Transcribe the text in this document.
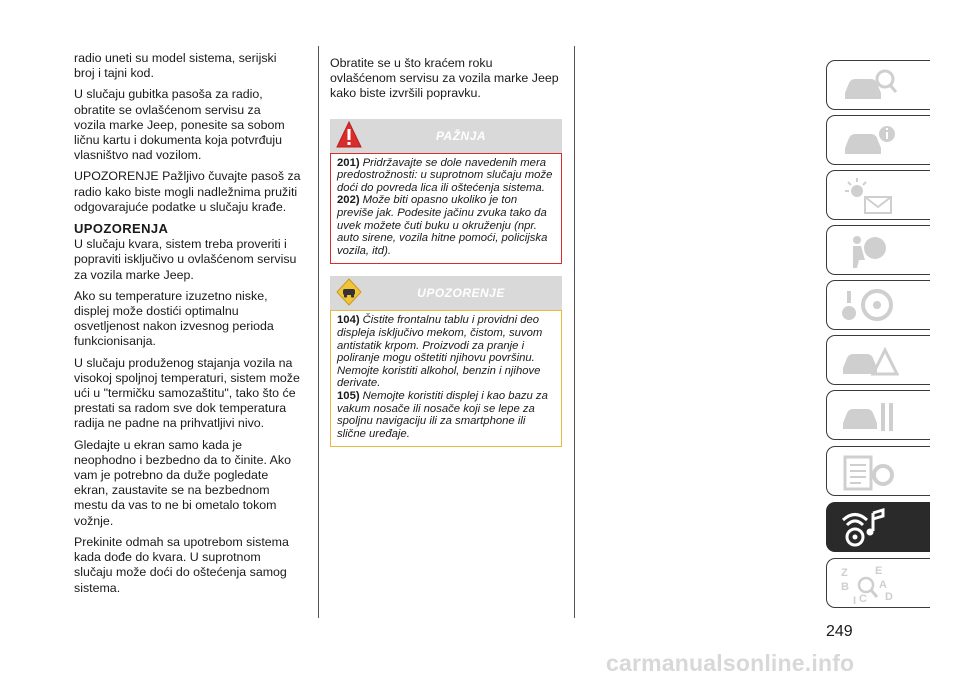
radio uneti su model sistema, serijski
broj i tajni kod.

U slučaju gubitka pasoša za radio,
obratite se ovlašćenom servisu za
vozila marke Jeep, ponesite sa sobom
ličnu kartu i dokumenta koja potvrđuju
vlasništvo nad vozilom.

UPOZORENJE Pažljivo čuvajte pasoš za
radio kako biste mogli nadležnima pružiti
odgovarajuće podatke u slučaju krađe.

UPOZORENJA

U slučaju kvara, sistem treba proveriti i
popraviti isključivo u ovlašćenom servisu
za vozila marke Jeep.

Ako su temperature izuzetno niske,
displej može dostići optimalnu
osvetljenost nakon izvesnog perioda
funkcionisanja.

U slučaju produženog stajanja vozila na
visokoj spoljnoj temperaturi, sistem može
ući u "termičku samozaštitu", tako što će
prestati sa radom sve dok temperatura
radija ne padne na prihvatljivi nivo.

Gledajte u ekran samo kada je
neophodno i bezbedno da to činite. Ako
vam je potrebno da duže pogledate
ekran, zaustavite se na bezbednom
mestu da vas to ne bi ometalo tokom
vožnje.

Prekinite odmah sa upotrebom sistema
kada dođe do kvara. U suprotnom
slučaju može doći do oštećenja samog
sistema.

Obratite se u što kraćem roku
ovlašćenom servisu za vozila marke Jeep
kako biste izvršili popravku.

PAŽNJA

201) Pridržavajte se dole navedenih mera predostrožnosti: u suprotnom slučaju može doći do povreda lica ili oštećenja sistema.

202) Može biti opasno ukoliko je ton previše jak. Podesite jačinu zvuka tako da uvek možete čuti buku u okruženju (npr. auto sirene, vozila hitne pomoći, policijska vozila, itd).

UPOZORENJE

104) Čistite frontalnu tablu i providni deo displeja isključivo mekom, čistom, suvom antistatik krpom. Proizvodi za pranje i poliranje mogu oštetiti njihovu površinu. Nemojte koristiti alkohol, benzin i njihove derivate.

105) Nemojte koristiti displej i kao bazu za vakum nosače ili nosače koji se lepe za spoljnu navigaciju ili za smartphone ili slične uređaje.

Z E
B	A
I C D
249
carmanualsonline.info
